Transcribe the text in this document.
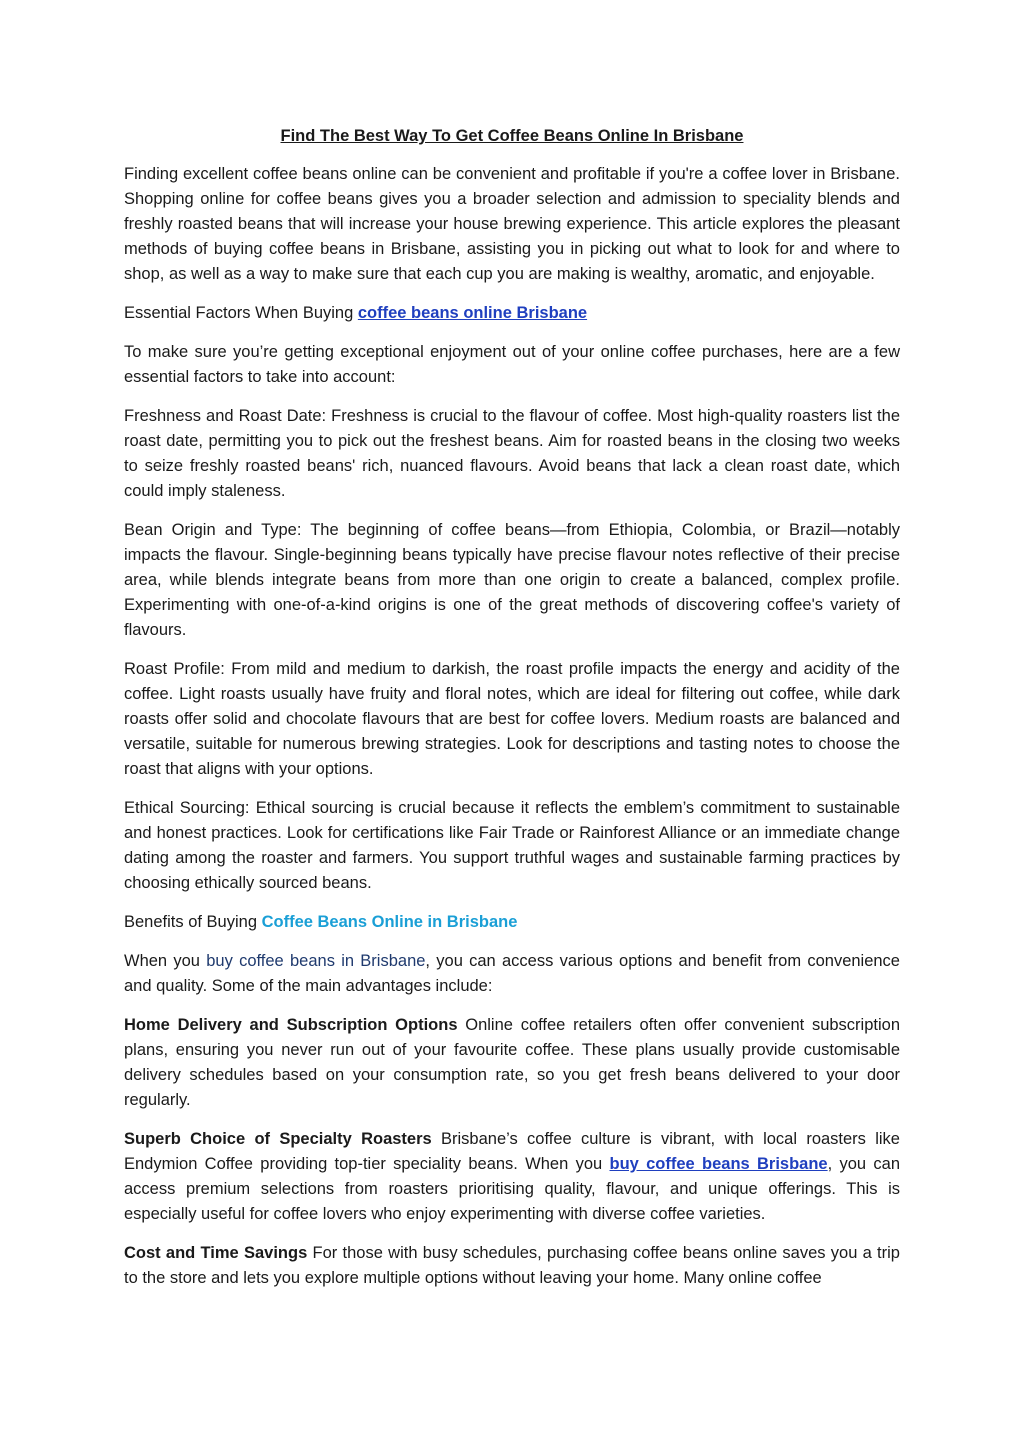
Find The Best Way To Get Coffee Beans Online In Brisbane

Finding excellent coffee beans online can be convenient and profitable if you're a coffee lover in Brisbane. Shopping online for coffee beans gives you a broader selection and admission to speciality blends and freshly roasted beans that will increase your house brewing experience. This article explores the pleasant methods of buying coffee beans in Brisbane, assisting you in picking out what to look for and where to shop, as well as a way to make sure that each cup you are making is wealthy, aromatic, and enjoyable.

Essential Factors When Buying coffee beans online Brisbane

To make sure you’re getting exceptional enjoyment out of your online coffee purchases, here are a few essential factors to take into account:

Freshness and Roast Date: Freshness is crucial to the flavour of coffee. Most high-quality roasters list the roast date, permitting you to pick out the freshest beans. Aim for roasted beans in the closing two weeks to seize freshly roasted beans' rich, nuanced flavours. Avoid beans that lack a clean roast date, which could imply staleness.

Bean Origin and Type: The beginning of coffee beans—from Ethiopia, Colombia, or Brazil—notably impacts the flavour. Single-beginning beans typically have precise flavour notes reflective of their precise area, while blends integrate beans from more than one origin to create a balanced, complex profile. Experimenting with one-of-a-kind origins is one of the great methods of discovering coffee's variety of flavours.

Roast Profile: From mild and medium to darkish, the roast profile impacts the energy and acidity of the coffee. Light roasts usually have fruity and floral notes, which are ideal for filtering out coffee, while dark roasts offer solid and chocolate flavours that are best for coffee lovers. Medium roasts are balanced and versatile, suitable for numerous brewing strategies. Look for descriptions and tasting notes to choose the roast that aligns with your options.

Ethical Sourcing: Ethical sourcing is crucial because it reflects the emblem’s commitment to sustainable and honest practices. Look for certifications like Fair Trade or Rainforest Alliance or an immediate change dating among the roaster and farmers. You support truthful wages and sustainable farming practices by choosing ethically sourced beans.

Benefits of Buying Coffee Beans Online in Brisbane

When you buy coffee beans in Brisbane, you can access various options and benefit from convenience and quality. Some of the main advantages include:

Home Delivery and Subscription Options Online coffee retailers often offer convenient subscription plans, ensuring you never run out of your favourite coffee. These plans usually provide customisable delivery schedules based on your consumption rate, so you get fresh beans delivered to your door regularly.

Superb Choice of Specialty Roasters Brisbane’s coffee culture is vibrant, with local roasters like Endymion Coffee providing top-tier speciality beans. When you buy coffee beans Brisbane, you can access premium selections from roasters prioritising quality, flavour, and unique offerings. This is especially useful for coffee lovers who enjoy experimenting with diverse coffee varieties.

Cost and Time Savings For those with busy schedules, purchasing coffee beans online saves you a trip to the store and lets you explore multiple options without leaving your home. Many online coffee
